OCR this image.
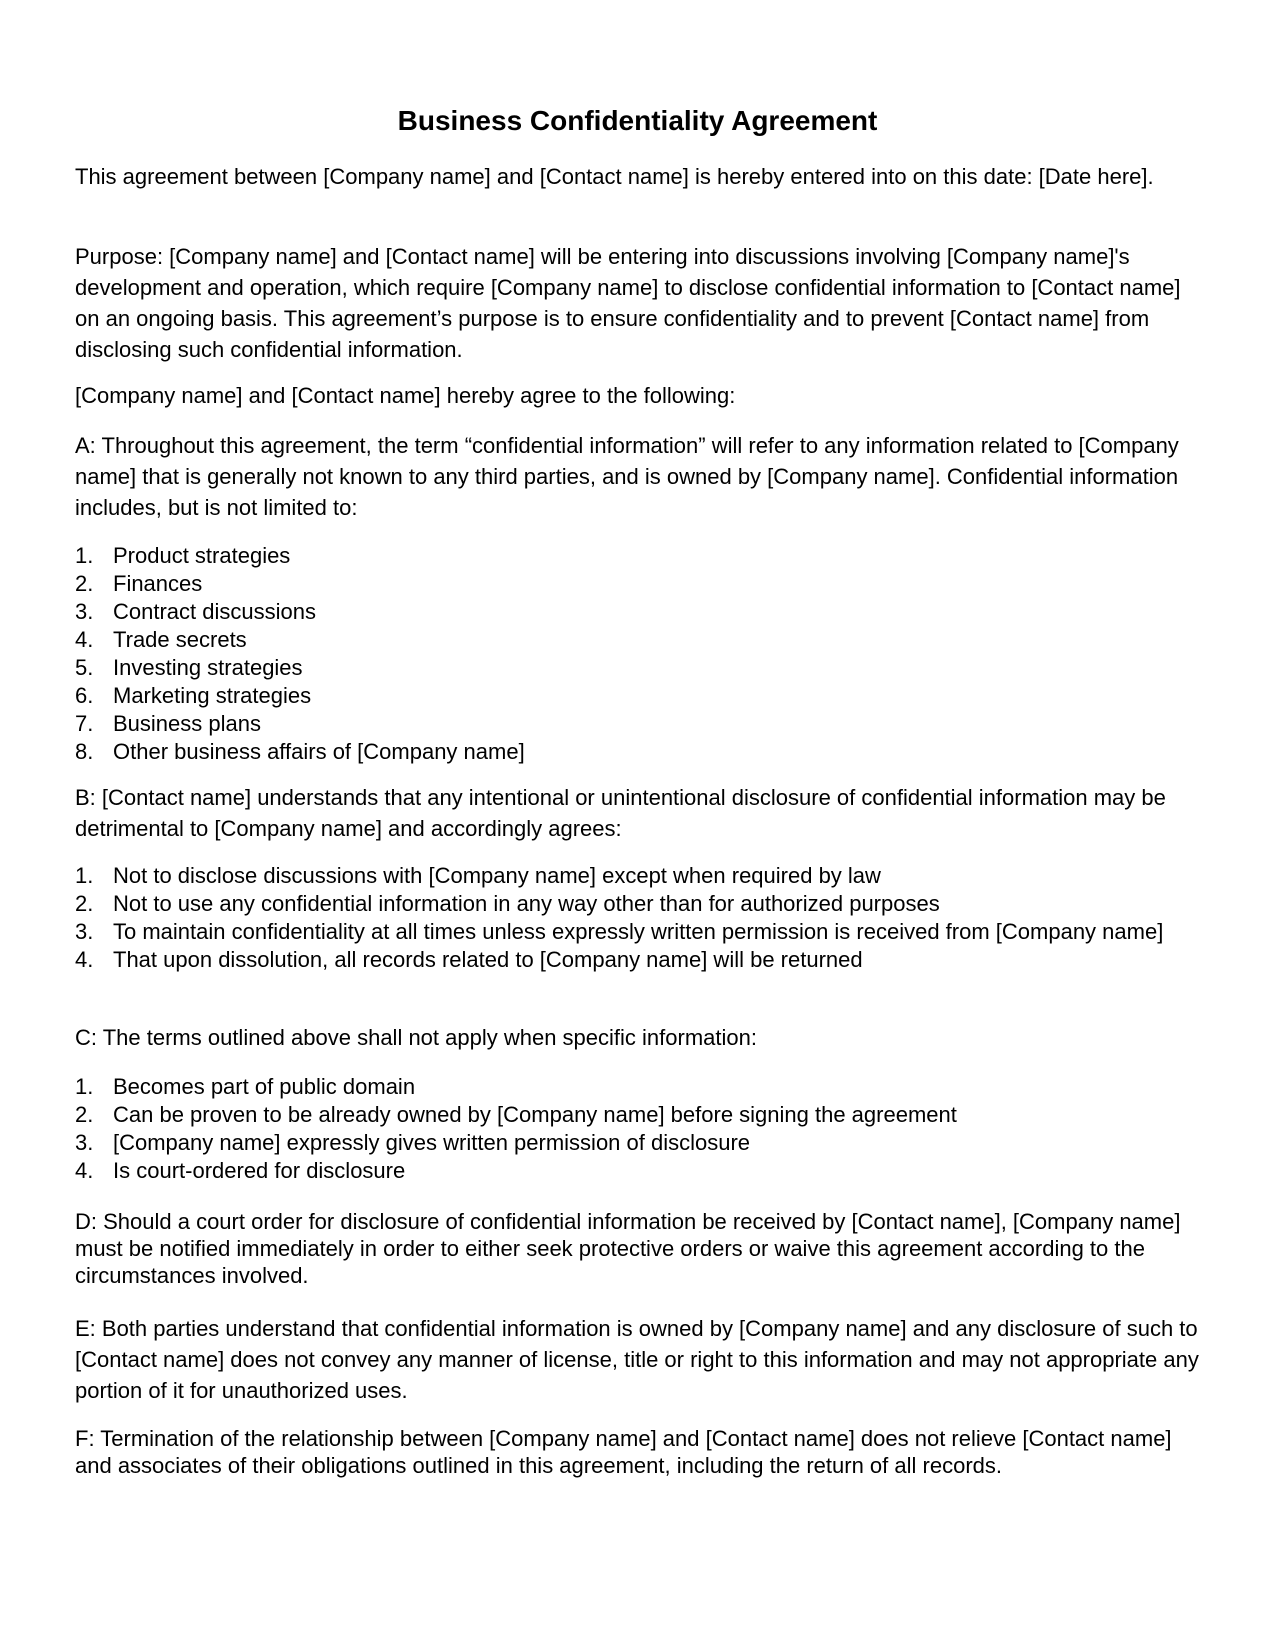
Business Confidentiality Agreement

This agreement between [Company name] and [Contact name] is hereby entered into on this date: [Date here].

Purpose: [Company name] and [Contact name] will be entering into discussions involving [Company name]'s development and operation, which require [Company name] to disclose confidential information to [Contact name] on an ongoing basis. This agreement’s purpose is to ensure confidentiality and to prevent [Contact name] from disclosing such confidential information.

[Company name] and [Contact name] hereby agree to the following:

A: Throughout this agreement, the term “confidential information” will refer to any information related to [Company name] that is generally not known to any third parties, and is owned by [Company name]. Confidential information includes, but is not limited to:

1. Product strategies
2. Finances
3. Contract discussions
4. Trade secrets
5. Investing strategies
6. Marketing strategies
7. Business plans
8. Other business affairs of [Company name]

B: [Contact name] understands that any intentional or unintentional disclosure of confidential information may be detrimental to [Company name] and accordingly agrees:

1. Not to disclose discussions with [Company name] except when required by law
2. Not to use any confidential information in any way other than for authorized purposes
3. To maintain confidentiality at all times unless expressly written permission is received from [Company name]
4. That upon dissolution, all records related to [Company name] will be returned

C: The terms outlined above shall not apply when specific information:

1. Becomes part of public domain
2. Can be proven to be already owned by [Company name] before signing the agreement
3. [Company name] expressly gives written permission of disclosure
4. Is court-ordered for disclosure

D: Should a court order for disclosure of confidential information be received by [Contact name], [Company name] must be notified immediately in order to either seek protective orders or waive this agreement according to the circumstances involved.

E: Both parties understand that confidential information is owned by [Company name] and any disclosure of such to [Contact name] does not convey any manner of license, title or right to this information and may not appropriate any portion of it for unauthorized uses.

F: Termination of the relationship between [Company name] and [Contact name] does not relieve [Contact name] and associates of their obligations outlined in this agreement, including the return of all records.
